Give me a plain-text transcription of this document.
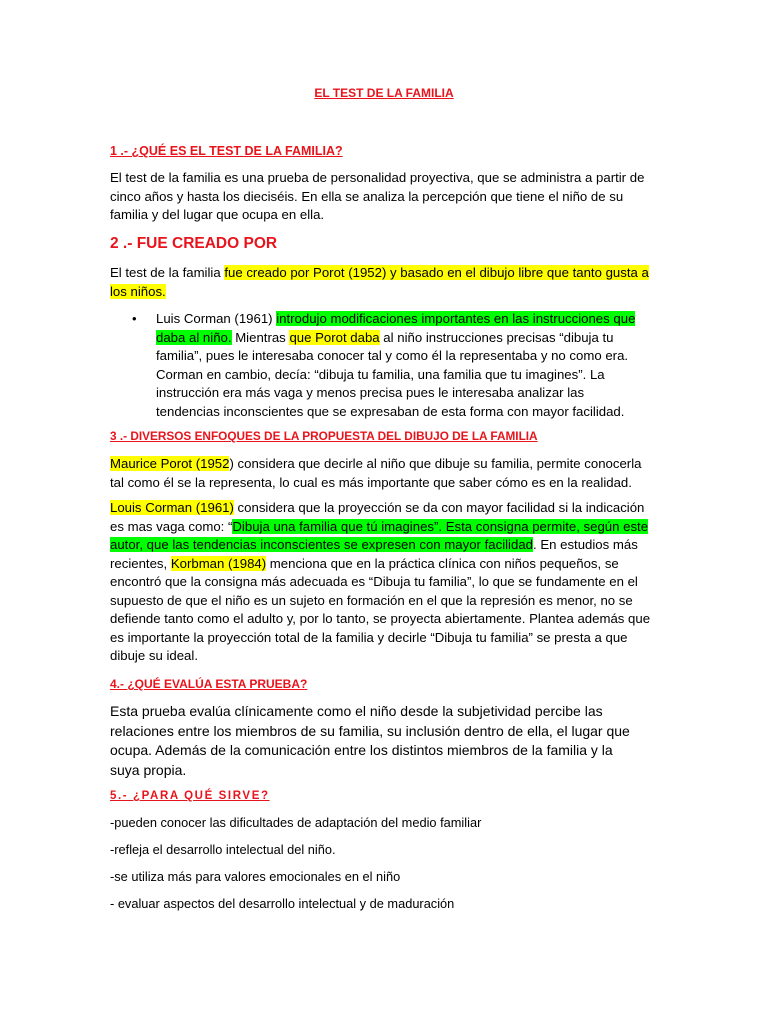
EL TEST DE LA FAMILIA
1 .- ¿QUÉ ES EL TEST DE LA FAMILIA?

El test de la familia es una prueba de personalidad proyectiva, que se administra a partir de cinco años y hasta los dieciséis. En ella se analiza la percepción que tiene el niño de su familia y del lugar que ocupa en ella.

2 .- FUE CREADO POR

El test de la familia fue creado por Porot (1952) y basado en el dibujo libre que tanto gusta a los niños.

• Luis Corman (1961) introdujo modificaciones importantes en las instrucciones que daba al niño. Mientras que Porot daba al niño instrucciones precisas “dibuja tu familia”, pues le interesaba conocer tal y como él la representaba y no como era. Corman en cambio, decía: “dibuja tu familia, una familia que tu imagines”. La instrucción era más vaga y menos precisa pues le interesaba analizar las tendencias inconscientes que se expresaban de esta forma con mayor facilidad.

3 .- DIVERSOS ENFOQUES DE LA PROPUESTA DEL DIBUJO DE LA FAMILIA

Maurice Porot (1952) considera que decirle al niño que dibuje su familia, permite conocerla tal como él se la representa, lo cual es más importante que saber cómo es en la realidad.

Louis Corman (1961) considera que la proyección se da con mayor facilidad si la indicación es mas vaga como: “Dibuja una familia que tú imagines”. Esta consigna permite, según este autor, que las tendencias inconscientes se expresen con mayor facilidad. En estudios más recientes, Korbman (1984) menciona que en la práctica clínica con niños pequeños, se encontró que la consigna más adecuada es “Dibuja tu familia”, lo que se fundamente en el supuesto de que el niño es un sujeto en formación en el que la represión es menor, no se defiende tanto como el adulto y, por lo tanto, se proyecta abiertamente. Plantea además que es importante la proyección total de la familia y decirle “Dibuja tu familia” se presta a que dibuje su ideal.

4.- ¿QUÉ EVALÚA ESTA PRUEBA?

Esta prueba evalúa clínicamente como el niño desde la subjetividad percibe las relaciones entre los miembros de su familia, su inclusión dentro de ella, el lugar que ocupa. Además de la comunicación entre los distintos miembros de la familia y la suya propia.

5.- ¿PARA QUÉ SIRVE?
-pueden conocer las dificultades de adaptación del medio familiar
-refleja el desarrollo intelectual del niño.
-se utiliza más para valores emocionales en el niño
- evaluar aspectos del desarrollo intelectual y de maduración
